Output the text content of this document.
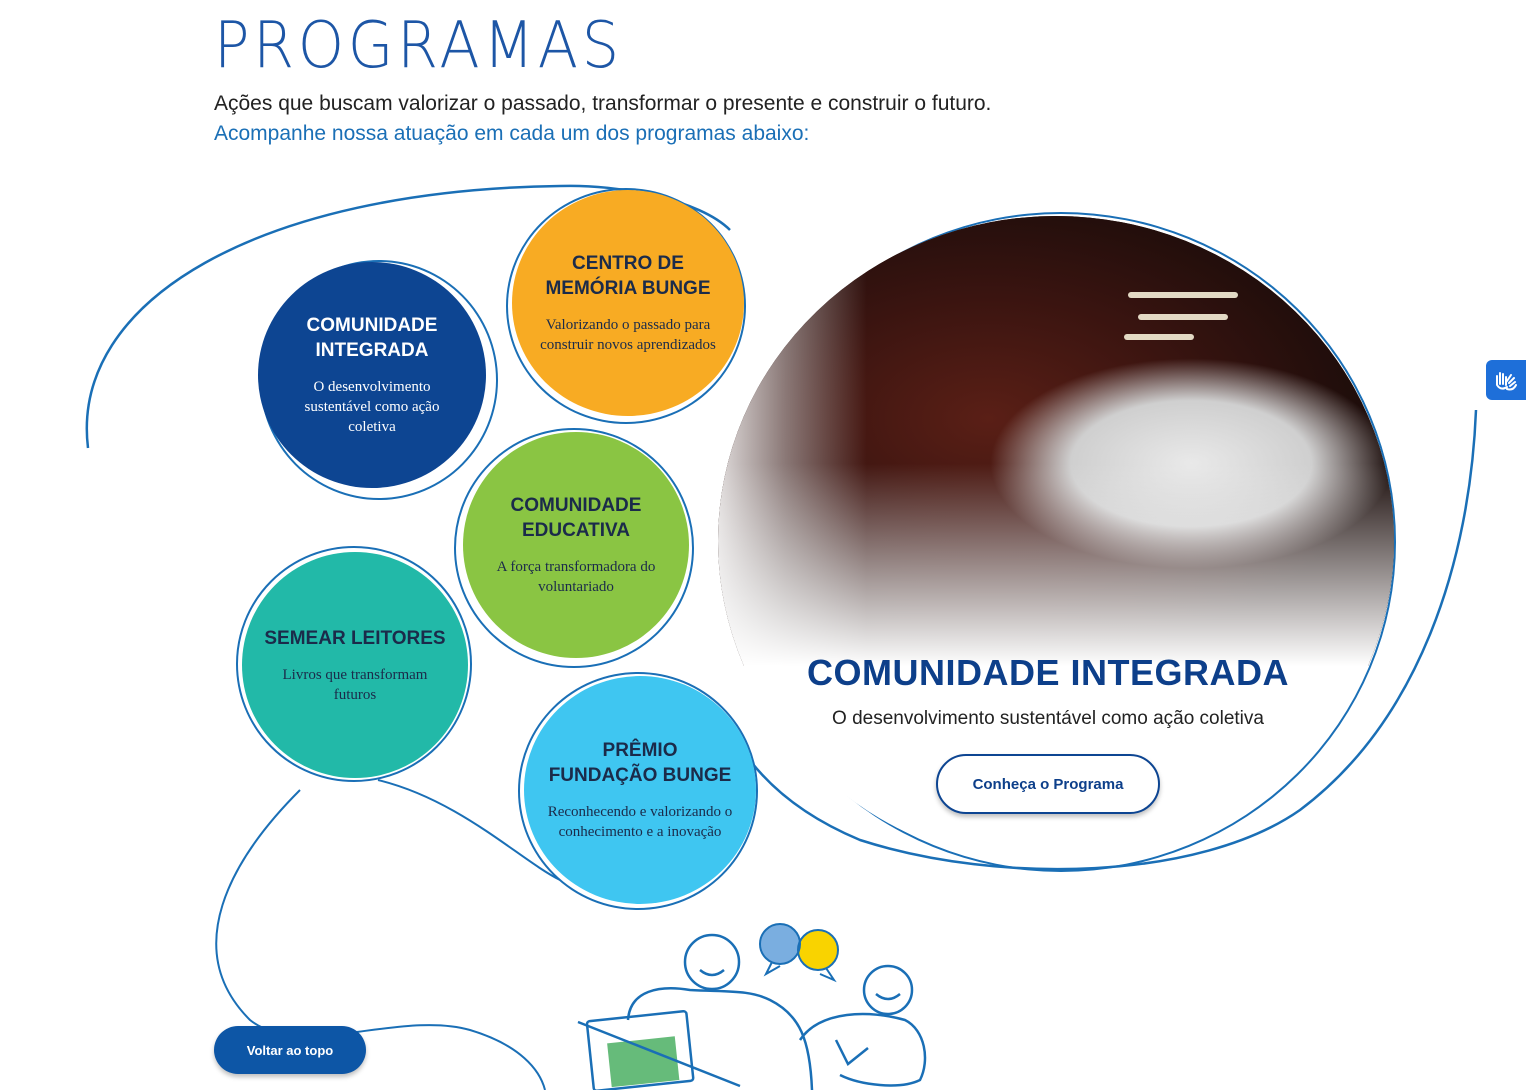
PROGRAMAS
Ações que buscam valorizar o passado, transformar o presente e construir o futuro.
Acompanhe nossa atuação em cada um dos programas abaixo:
COMUNIDADE
INTEGRADA
O desenvolvimento sustentável como ação coletiva
CENTRO DE
MEMÓRIA BUNGE
Valorizando o passado para construir novos aprendizados
COMUNIDADE
EDUCATIVA
A força transformadora do voluntariado
SEMEAR LEITORES
Livros que transformam futuros
PRÊMIO
FUNDAÇÃO BUNGE
Reconhecendo e valorizando o conhecimento e a inovação
COMUNIDADE INTEGRADA
O desenvolvimento sustentável como ação coletiva
Conheça o Programa
Voltar ao topo
